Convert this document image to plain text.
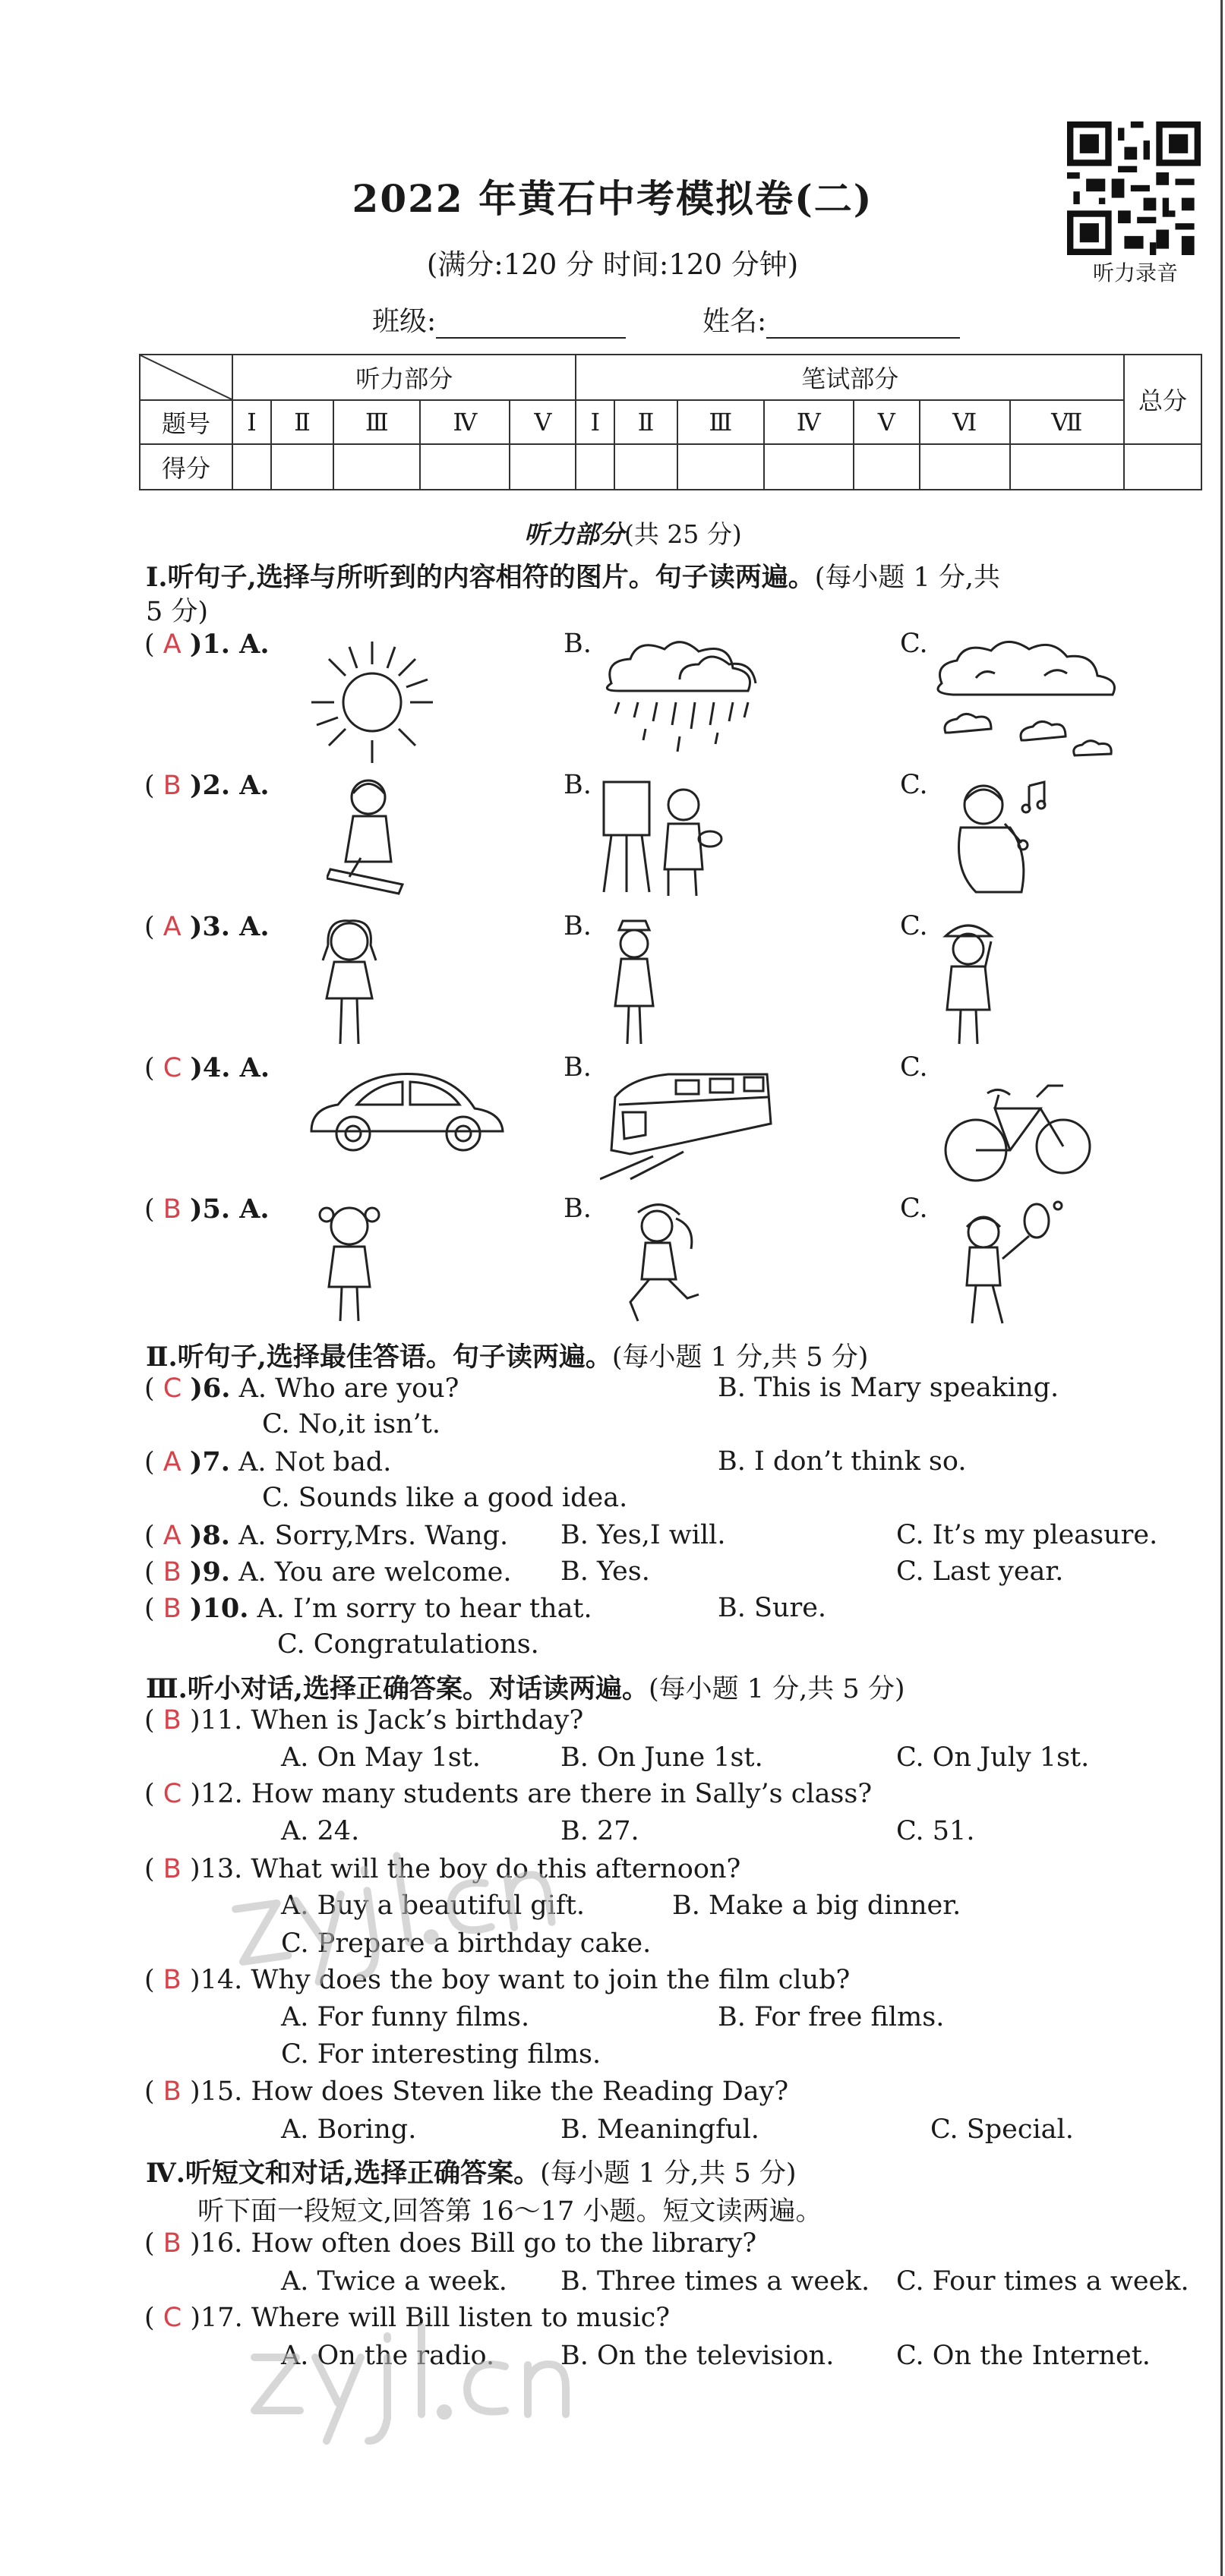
2022 年黄石中考模拟卷(二)
(满分:120 分 时间:120 分钟)	听力录音
班级:	姓名:
	听力部分					笔试部分							总分
题号	Ⅰ	Ⅱ	Ⅲ	Ⅳ	Ⅴ	Ⅰ	Ⅱ	Ⅲ	Ⅳ	Ⅴ	Ⅵ	Ⅶ	
得分													
听力部分(共 25 分)
Ⅰ.听句子,选择与所听到的内容相符的图片。句子读两遍。(每小题 1 分,共
5 分)
( A )1. A.	B.	C.
( B )2. A.	B.	C.
( A )3. A.	B.	C.
( C )4. A.	B.	C.
( B )5. A.	B.	C.
Ⅱ.听句子,选择最佳答语。句子读两遍。(每小题 1 分,共 5 分)
( C )6. A. Who are you?	B. This is Mary speaking.
C. No,it isn’t.
( A )7. A. Not bad.	B. I don’t think so.
C. Sounds like a good idea.
( A )8. A. Sorry,Mrs. Wang. B. Yes,I will.	C. It’s my pleasure.
( B )9. A. You are welcome. B. Yes.	C. Last year.
( B )10. A. I’m sorry to hear that.	B. Sure.
C. Congratulations.
Ⅲ.听小对话,选择正确答案。对话读两遍。(每小题 1 分,共 5 分)
( B )11. When is Jack’s birthday?
A. On May 1st.	B. On June 1st.	C. On July 1st.
( C )12. How many students are there in Sally’s class?
A. 24.	B. 27.	C. 51.
( B )13. What will the boy do this afternoon?
A. Buy a beautiful gift.	B. Make a big dinner.
C. Prepare a birthday cake.
( B )14. Why does the boy want to join the film club?
A. For funny films.	B. For free films.
C. For interesting films.
( B )15. How does Steven like the Reading Day?
A. Boring.	B. Meaningful.	C. Special.
Ⅳ.听短文和对话,选择正确答案。(每小题 1 分,共 5 分)
听下面一段短文,回答第 16～17 小题。短文读两遍。
( B )16. How often does Bill go to the library?
A. Twice a week. B. Three times a week. C. Four times a week.
( C )17. Where will Bill listen to music?
A. On the radio. B. On the television. C. On the Internet.
